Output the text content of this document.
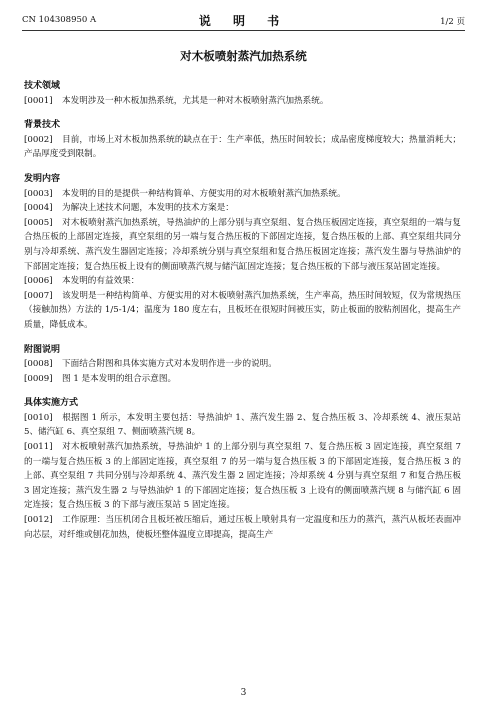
CN 104308950 A	说 明 书	1/2 页
对木板喷射蒸汽加热系统
技术领域
[0001] 本发明涉及一种木板加热系统，尤其是一种对木板喷射蒸汽加热系统。
背景技术
[0002] 目前，市场上对木板加热系统的缺点在于：生产率低，热压时间较长；成品密度梯度较大；热量消耗大；产品厚度受到限制。
发明内容
[0003] 本发明的目的是提供一种结构简单、方便实用的对木板喷射蒸汽加热系统。
[0004] 为解决上述技术问题，本发明的技术方案是：
[0005] 对木板喷射蒸汽加热系统，导热油炉的上部分别与真空泵组、复合热压板固定连接，真空泵组的一端与复合热压板的上部固定连接，真空泵组的另一端与复合热压板的下部固定连接，复合热压板的上部、真空泵组共同分别与冷却系统、蒸汽发生器固定连接；冷却系统分别与真空泵组和复合热压板固定连接；蒸汽发生器与导热油炉的下部固定连接；复合热压板上设有的侧面喷蒸汽规与储汽缸固定连接；复合热压板的下部与液压泵站固定连接。
[0006] 本发明的有益效果：
[0007] 该发明是一种结构简单、方便实用的对木板喷射蒸汽加热系统，生产率高，热压时间较短，仅为常规热压（接触加热）方法的 1/5-1/4；温度为 180 度左右，且板坯在很短时间被压实，防止板面的胶粘剂固化，提高生产质量，降低成本。
附图说明
[0008] 下面结合附图和具体实施方式对本发明作进一步的说明。
[0009] 图 1 是本发明的组合示意图。
具体实施方式
[0010] 根据图 1 所示，本发明主要包括：导热油炉 1、蒸汽发生器 2、复合热压板 3、冷却系统 4、液压泵站 5、储汽缸 6、真空泵组 7、侧面喷蒸汽规 8。
[0011] 对木板喷射蒸汽加热系统，导热油炉 1 的上部分别与真空泵组 7、复合热压板 3 固定连接，真空泵组 7 的一端与复合热压板 3 的上部固定连接，真空泵组 7 的另一端与复合热压板 3 的下部固定连接，复合热压板 3 的上部、真空泵组 7 共同分别与冷却系统 4、蒸汽发生器 2 固定连接；冷却系统 4 分别与真空泵组 7 和复合热压板 3 固定连接；蒸汽发生器 2 与导热油炉 1 的下部固定连接；复合热压板 3 上设有的侧面喷蒸汽规 8 与储汽缸 6 固定连接；复合热压板 3 的下部与液压泵站 5 固定连接。
[0012] 工作原理：当压机闭合且板坯被压缩后，通过压板上喷射具有一定温度和压力的蒸汽，蒸汽从板坯表面冲向芯层，对纤维或刨花加热，使板坯整体温度立即提高，提高生产
3
